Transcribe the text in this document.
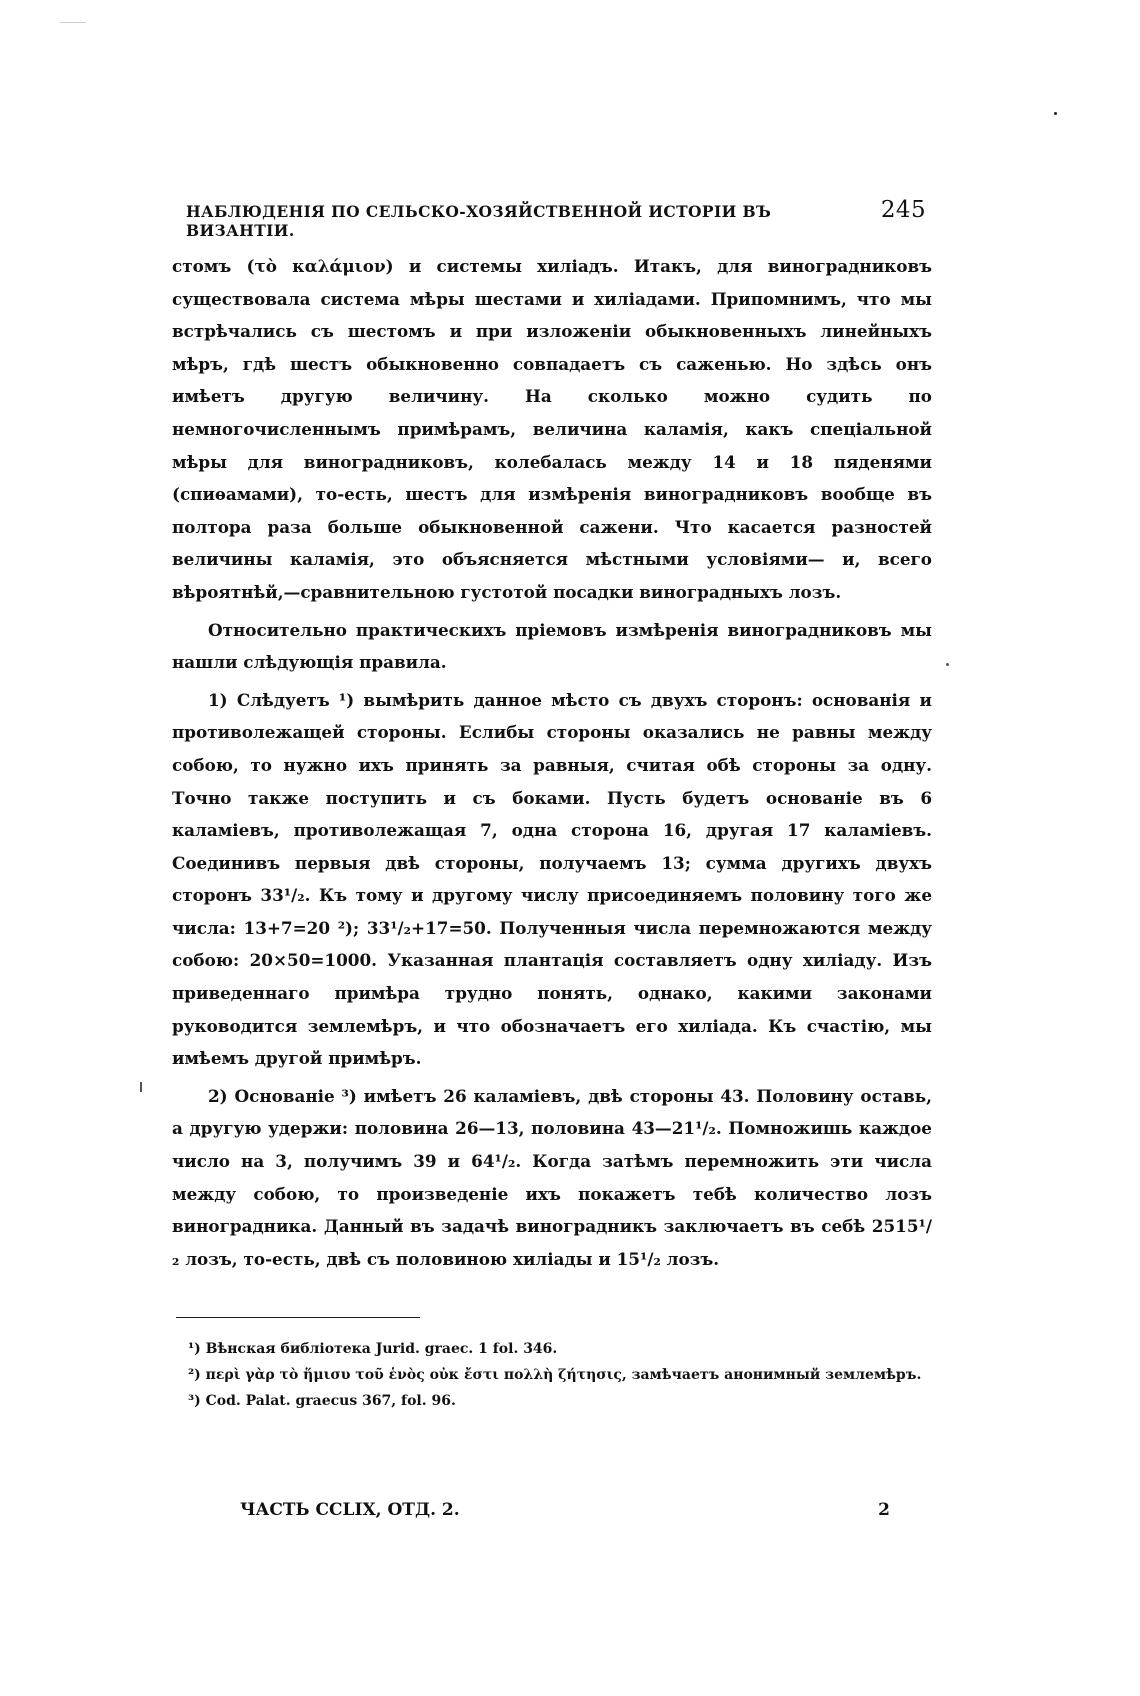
НАБЛЮДЕНІЯ ПО СЕЛЬСКО-ХОЗЯЙСТВЕННОЙ ИСТОРІИ ВЪ ВИЗАНТІИ.
245

стомъ (τὸ καλάμιον) и системы хиліадъ. Итакъ, для виноградниковъ существовала система мѣры шестами и хиліадами. Припомнимъ, что мы встрѣчались съ шестомъ и при изложеніи обыкновенныхъ линейныхъ мѣръ, гдѣ шестъ обыкновенно совпадаетъ съ саженью. Но здѣсь онъ имѣетъ другую величину. На сколько можно судить по немногочисленнымъ примѣрамъ, величина каламія, какъ спеціальной мѣры для виноградниковъ, колебалась между 14 и 18 пяденями (спиѳамами), то-есть, шестъ для измѣренія виноградниковъ вообще въ полтора раза больше обыкновенной сажени. Что касается разностей величины каламія, это объясняется мѣстными условіями— и, всего вѣроятнѣй,—сравнительною густотой посадки виноградныхъ лозъ.

Относительно практическихъ пріемовъ измѣренія виноградниковъ мы нашли слѣдующія правила.

1) Слѣдуетъ ¹) вымѣрить данное мѣсто съ двухъ сторонъ: основанія и противолежащей стороны. Еслибы стороны оказались не равны между собою, то нужно ихъ принять за равныя, считая обѣ стороны за одну. Точно также поступить и съ боками. Пусть будетъ основаніе въ 6 каламіевъ, противолежащая 7, одна сторона 16, другая 17 каламіевъ. Соединивъ первыя двѣ стороны, получаемъ 13; сумма другихъ двухъ сторонъ 33¹/₂. Къ тому и другому числу присоединяемъ половину того же числа: 13+7=20 ²); 33¹/₂+17=50. Полученныя числа перемножаются между собою: 20×50=1000. Указанная плантація составляетъ одну хиліаду. Изъ приведеннаго примѣра трудно понять, однако, какими законами руководится землемѣръ, и что обозначаетъ его хиліада. Къ счастію, мы имѣемъ другой примѣръ.

2) Основаніе ³) имѣетъ 26 каламіевъ, двѣ стороны 43. Половину оставь, а другую удержи: половина 26—13, половина 43—21¹/₂. Помножишь каждое число на 3, получимъ 39 и 64¹/₂. Когда затѣмъ перемножить эти числа между собою, то произведеніе ихъ покажетъ тебѣ количество лозъ виноградника. Данный въ задачѣ виноградникъ заключаетъ въ себѣ 2515¹/₂ лозъ, то-есть, двѣ съ половиною хиліады и 15¹/₂ лозъ.

¹) Вѣнская библіотека Jurid. graec. 1 fol. 346.

²) περὶ γὰρ τὸ ἥμισυ τοῦ ἑνὸς οὐκ ἔστι πολλὴ ζήτησις, замѣчаетъ анонимный землемѣръ.

³) Cod. Palat. graecus 367, fol. 96.

ЧАСТЬ CCLIX, ОТД. 2.	2
